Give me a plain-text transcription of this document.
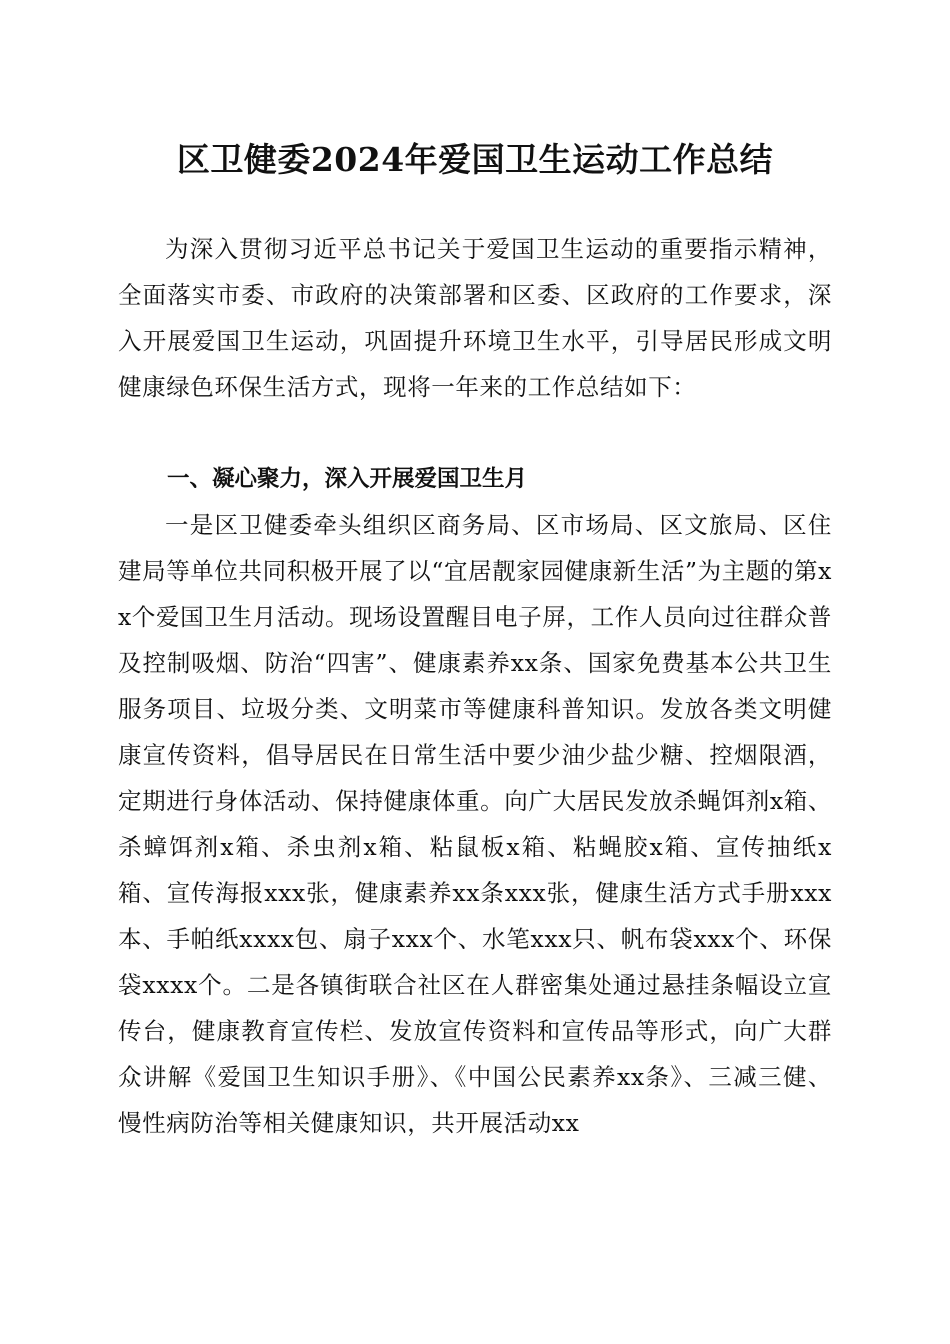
区卫健委2024年爱国卫生运动工作总结

为深入贯彻习近平总书记关于爱国卫生运动的重要指示精神，全面落实市委、市政府的决策部署和区委、区政府的工作要求，深入开展爱国卫生运动，巩固提升环境卫生水平，引导居民形成文明健康绿色环保生活方式，现将一年来的工作总结如下：

一、凝心聚力，深入开展爱国卫生月

一是区卫健委牵头组织区商务局、区市场局、区文旅局、区住建局等单位共同积极开展了以“宜居靓家园健康新生活”为主题的第xx个爱国卫生月活动。现场设置醒目电子屏，工作人员向过往群众普及控制吸烟、防治“四害”、健康素养xx条、国家免费基本公共卫生服务项目、垃圾分类、文明菜市等健康科普知识。发放各类文明健康宣传资料，倡导居民在日常生活中要少油少盐少糖、控烟限酒，定期进行身体活动、保持健康体重。向广大居民发放杀蝇饵剂x箱、杀蟑饵剂x箱、杀虫剂x箱、粘鼠板x箱、粘蝇胶x箱、宣传抽纸x箱、宣传海报xxx张，健康素养xx条xxx张，健康生活方式手册xxx本、手帕纸xxxx包、扇子xxx个、水笔xxx只、帆布袋xxx个、环保袋xxxx个。二是各镇街联合社区在人群密集处通过悬挂条幅设立宣传台，健康教育宣传栏、发放宣传资料和宣传品等形式，向广大群众讲解《爱国卫生知识手册》、《中国公民素养xx条》、三减三健、慢性病防治等相关健康知识，共开展活动xx
